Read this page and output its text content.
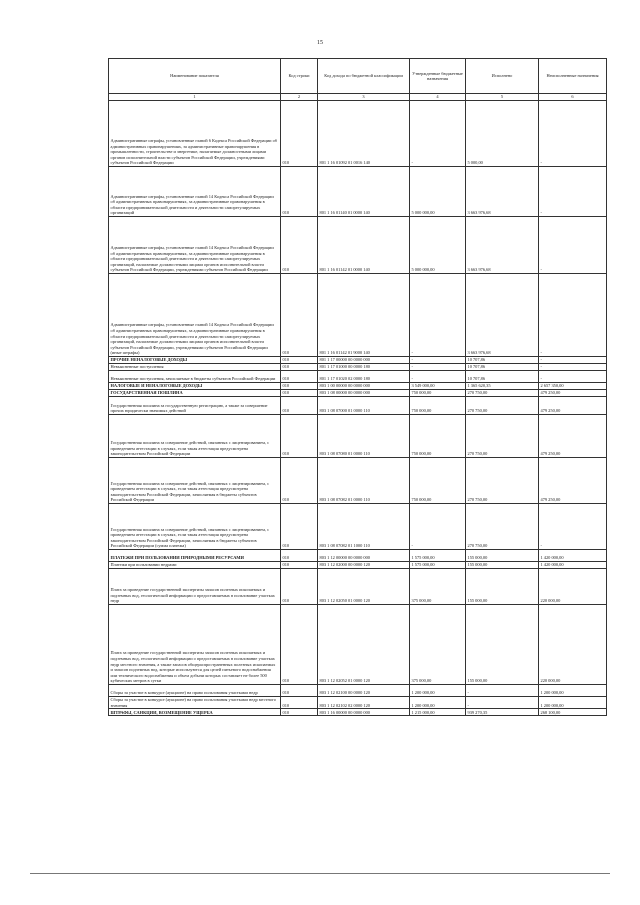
15
Наименование показателя	Код строки	Код дохода по бюджетной классификации	Утвержденные бюджетные назначения	Исполнено	Неисполненные назначения
1	2	3	4	5	6
Административные штрафы, установленные главой 6 Кодекса Российской Федерации об административных правонарушениях, за административные правонарушения в промышленности, строительстве и энергетике, налагаемые должностными лицами органов исполнительной власти субъектов Российской Федерации, учреждениями субъектов Российской Федерации	010	801 1 16 01092 01 0016 140	-	5 000,00	-
Административные штрафы, установленные главой 14 Кодекса Российской Федерации об административных правонарушениях, за административные правонарушения в области предпринимательской деятельности и деятельности саморегулируемых организаций	010	801 1 16 01140 01 0000 140	5 000 000,00	3 663 976,68	-
Административные штрафы, установленные главой 14 Кодекса Российской Федерации об административных правонарушениях, за административные правонарушения в области предпринимательской деятельности и деятельности саморегулируемых организаций, налагаемые должностными лицами органов исполнительной власти субъектов Российской Федерации, учреждениями субъектов Российской Федерации	010	801 1 16 01142 01 0000 140	5 000 000,00	3 663 976,68	-
Административные штрафы, установленные главой 14 Кодекса Российской Федерации об административных правонарушениях, за административные правонарушения в области предпринимательской деятельности и деятельности саморегулируемых организаций, налагаемые должностными лицами органов исполнительной власти субъектов Российской Федерации, учреждениями субъектов Российской Федерации (иные штрафы)	010	801 1 16 01142 01 9000 140	-	3 663 976,68	-
ПРОЧИЕ НЕНАЛОГОВЫЕ ДОХОДЫ	010	801 1 17 00000 00 0000 000	-	10 707,86	-
Невыясненные поступления	010	801 1 17 01000 00 0000 180	-	10 707,86	-
Невыясненные поступления, зачисляемые в бюджеты субъектов Российской Федерации	010	801 1 17 01020 02 0000 180	-	10 707,86	-
НАЛОГОВЫЕ И НЕНАЛОГОВЫЕ ДОХОДЫ	010	803 1 00 00000 00 0000 000	3 549 000,00	1 365 620,35	2 657 350,00
ГОСУДАРСТВЕННАЯ ПОШЛИНА	010	803 1 08 00000 00 0000 000	750 000,00	270 750,00	479 250,00
Государственная пошлина за государственную регистрацию, а также за совершение прочих юридически значимых действий	010	803 1 08 07000 01 0000 110	750 000,00	270 750,00	479 250,00
Государственная пошлина за совершение действий, связанных с лицензированием, с проведением аттестации в случаях, если такая аттестация предусмотрена законодательством Российской Федерации	010	803 1 08 07080 01 0000 110	750 000,00	270 750,00	479 250,00
Государственная пошлина за совершение действий, связанных с лицензированием, с проведением аттестации в случаях, если такая аттестация предусмотрена законодательством Российской Федерации, зачисляемая в бюджеты субъектов Российской Федерации	010	803 1 08 07082 01 0000 110	750 000,00	270 750,00	479 250,00
Государственная пошлина за совершение действий, связанных с лицензированием, с проведением аттестации в случаях, если такая аттестация предусмотрена законодательством Российской Федерации, зачисляемая в бюджеты субъектов Российской Федерации (сумма платежа)	010	803 1 08 07082 01 1000 110	-	270 750,00	-
ПЛАТЕЖИ ПРИ ПОЛЬЗОВАНИИ ПРИРОДНЫМИ РЕСУРСАМИ	010	803 1 12 00000 00 0000 000	1 575 000,00	155 000,00	1 420 000,00
Платежи при пользовании недрами	010	803 1 12 02000 00 0000 120	1 575 000,00	155 000,00	1 420 000,00
Плата за проведение государственной экспертизы запасов полезных ископаемых и подземных вод, геологической информации о предоставляемых в пользование участках недр	010	803 1 12 02050 01 0000 120	375 000,00	155 000,00	220 000,00
Плата за проведение государственной экспертизы запасов полезных ископаемых и подземных вод, геологической информации о предоставляемых в пользование участках недр местного значения, а также запасов общераспространенных полезных ископаемых и запасов подземных вод, которые используются для целей питьевого водоснабжения или технического водоснабжения и объем добычи которых составляет не более 500 кубических метров в сутки	010	803 1 12 02052 01 0000 120	375 000,00	155 000,00	220 000,00
Сборы за участие в конкурсе (аукционе) на право пользования участками недр	010	803 1 12 02100 00 0000 120	1 200 000,00	-	1 200 000,00
Сборы за участие в конкурсе (аукционе) на право пользования участками недр местного значения	010	803 1 12 02102 02 0000 120	1 200 000,00	-	1 200 000,00
ШТРАФЫ, САНКЦИИ, ВОЗМЕЩЕНИЕ УЩЕРБА	010	803 1 16 00000 00 0000 000	1 215 000,00	939 270,35	268 100,00
